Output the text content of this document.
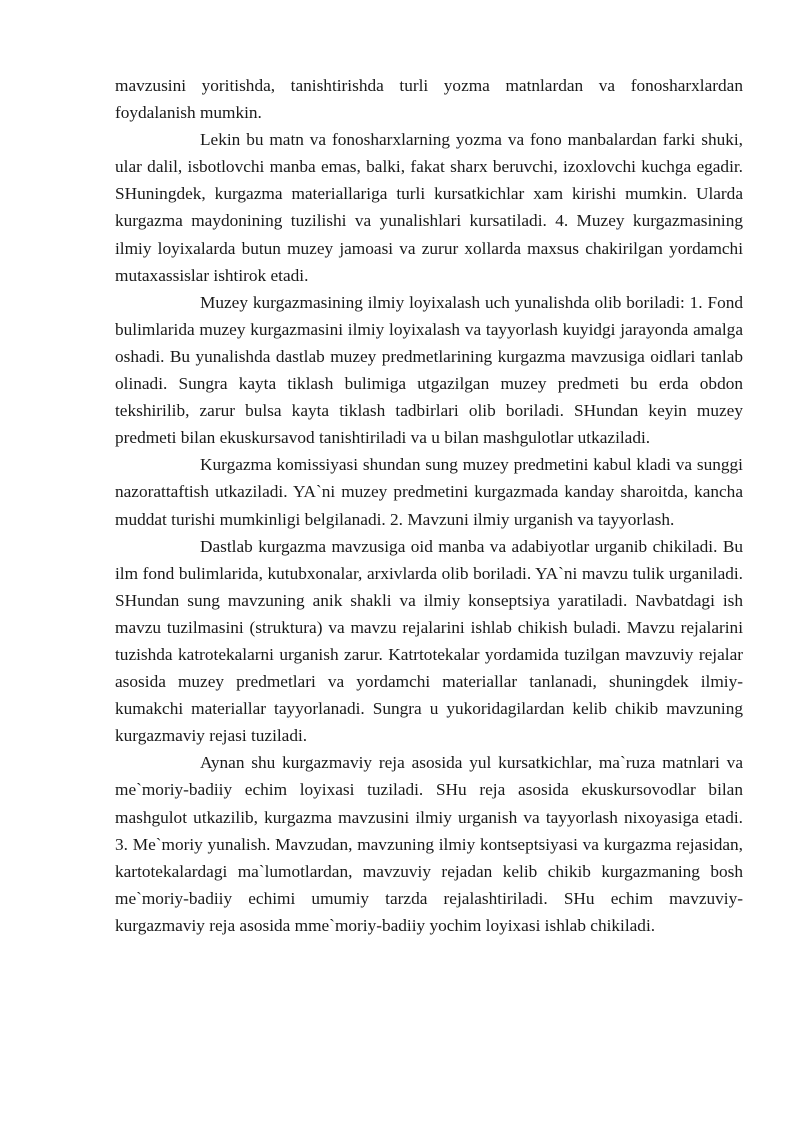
mavzusini yoritishda, tanishtirishda turli yozma matnlardan va fonosharxlardan foydalanish mumkin.

Lekin bu matn va fonosharxlarning yozma va fono manbalardan farki shuki, ular dalil, isbotlovchi manba emas, balki, fakat sharx beruvchi, izoxlovchi kuchga egadir. SHuningdek, kurgazma materiallariga turli kursatkichlar xam kirishi mumkin. Ularda kurgazma maydonining tuzilishi va yunalishlari kursatiladi. 4. Muzey kurgazmasining ilmiy loyixalarda butun muzey jamoasi va zurur xollarda maxsus chakirilgan yordamchi mutaxassislar ishtirok etadi.

Muzey kurgazmasining ilmiy loyixalash uch yunalishda olib boriladi: 1. Fond bulimlarida muzey kurgazmasini ilmiy loyixalash va tayyorlash kuyidgi jarayonda amalga oshadi. Bu yunalishda dastlab muzey predmetlarining kurgazma mavzusiga oidlari tanlab olinadi. Sungra kayta tiklash bulimiga utgazilgan muzey predmeti bu erda obdon tekshirilib, zarur bulsa kayta tiklash tadbirlari olib boriladi. SHundan keyin muzey predmeti bilan ekuskursavod tanishtiriladi va u bilan mashgulotlar utkaziladi.

Kurgazma komissiyasi shundan sung muzey predmetini kabul kladi va sunggi nazorattaftish utkaziladi. YA`ni muzey predmetini kurgazmada kanday sharoitda, kancha muddat turishi mumkinligi belgilanadi. 2. Mavzuni ilmiy urganish va tayyorlash.

Dastlab kurgazma mavzusiga oid manba va adabiyotlar urganib chikiladi. Bu ilm fond bulimlarida, kutubxonalar, arxivlarda olib boriladi. YA`ni mavzu tulik urganiladi. SHundan sung mavzuning anik shakli va ilmiy konseptsiya yaratiladi. Navbatdagi ish mavzu tuzilmasini (struktura) va mavzu rejalarini ishlab chikish buladi. Mavzu rejalarini tuzishda katrotekalarni urganish zarur. Katrtotekalar yordamida tuzilgan mavzuviy rejalar asosida muzey predmetlari va yordamchi materiallar tanlanadi, shuningdek ilmiy-kumakchi materiallar tayyorlanadi. Sungra u yukoridagilardan kelib chikib mavzuning kurgazmaviy rejasi tuziladi.

Aynan shu kurgazmaviy reja asosida yul kursatkichlar, ma`ruza matnlari va me`moriy-badiiy echim loyixasi tuziladi. SHu reja asosida ekuskursovodlar bilan mashgulot utkazilib, kurgazma mavzusini ilmiy urganish va tayyorlash nixoyasiga etadi. 3. Me`moriy yunalish. Mavzudan, mavzuning ilmiy kontseptsiyasi va kurgazma rejasidan, kartotekalardagi ma`lumotlardan, mavzuviy rejadan kelib chikib kurgazmaning bosh me`moriy-badiiy echimi umumiy tarzda rejalashtiriladi. SHu echim mavzuviy-kurgazmaviy reja asosida mme`moriy-badiiy yochim loyixasi ishlab chikiladi.
